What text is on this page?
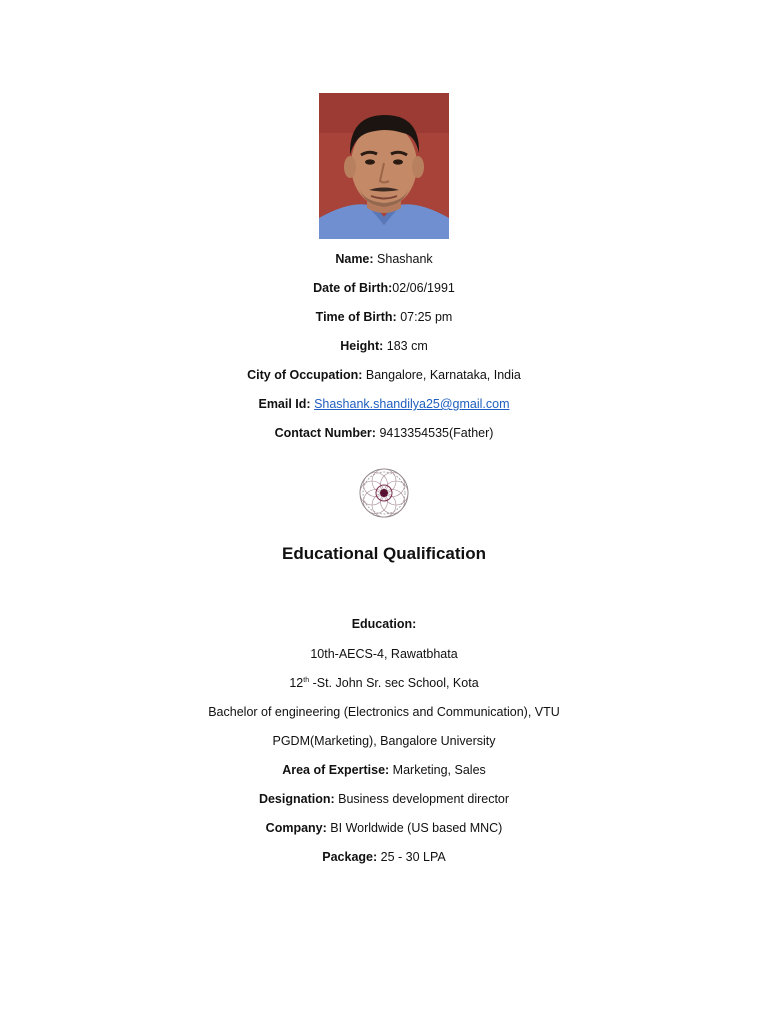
Name: Shashank
Date of Birth:02/06/1991
Time of Birth: 07:25 pm
Height: 183 cm
City of Occupation: Bangalore, Karnataka, India
Email Id: Shashank.shandilya25@gmail.com
Contact Number: 9413354535(Father)
Educational Qualification
Education:
10th-AECS-4, Rawatbhata
12th -St. John Sr. sec School, Kota
Bachelor of engineering (Electronics and Communication), VTU
PGDM(Marketing), Bangalore University
Area of Expertise: Marketing, Sales
Designation: Business development director
Company: BI Worldwide (US based MNC)
Package: 25 - 30 LPA
